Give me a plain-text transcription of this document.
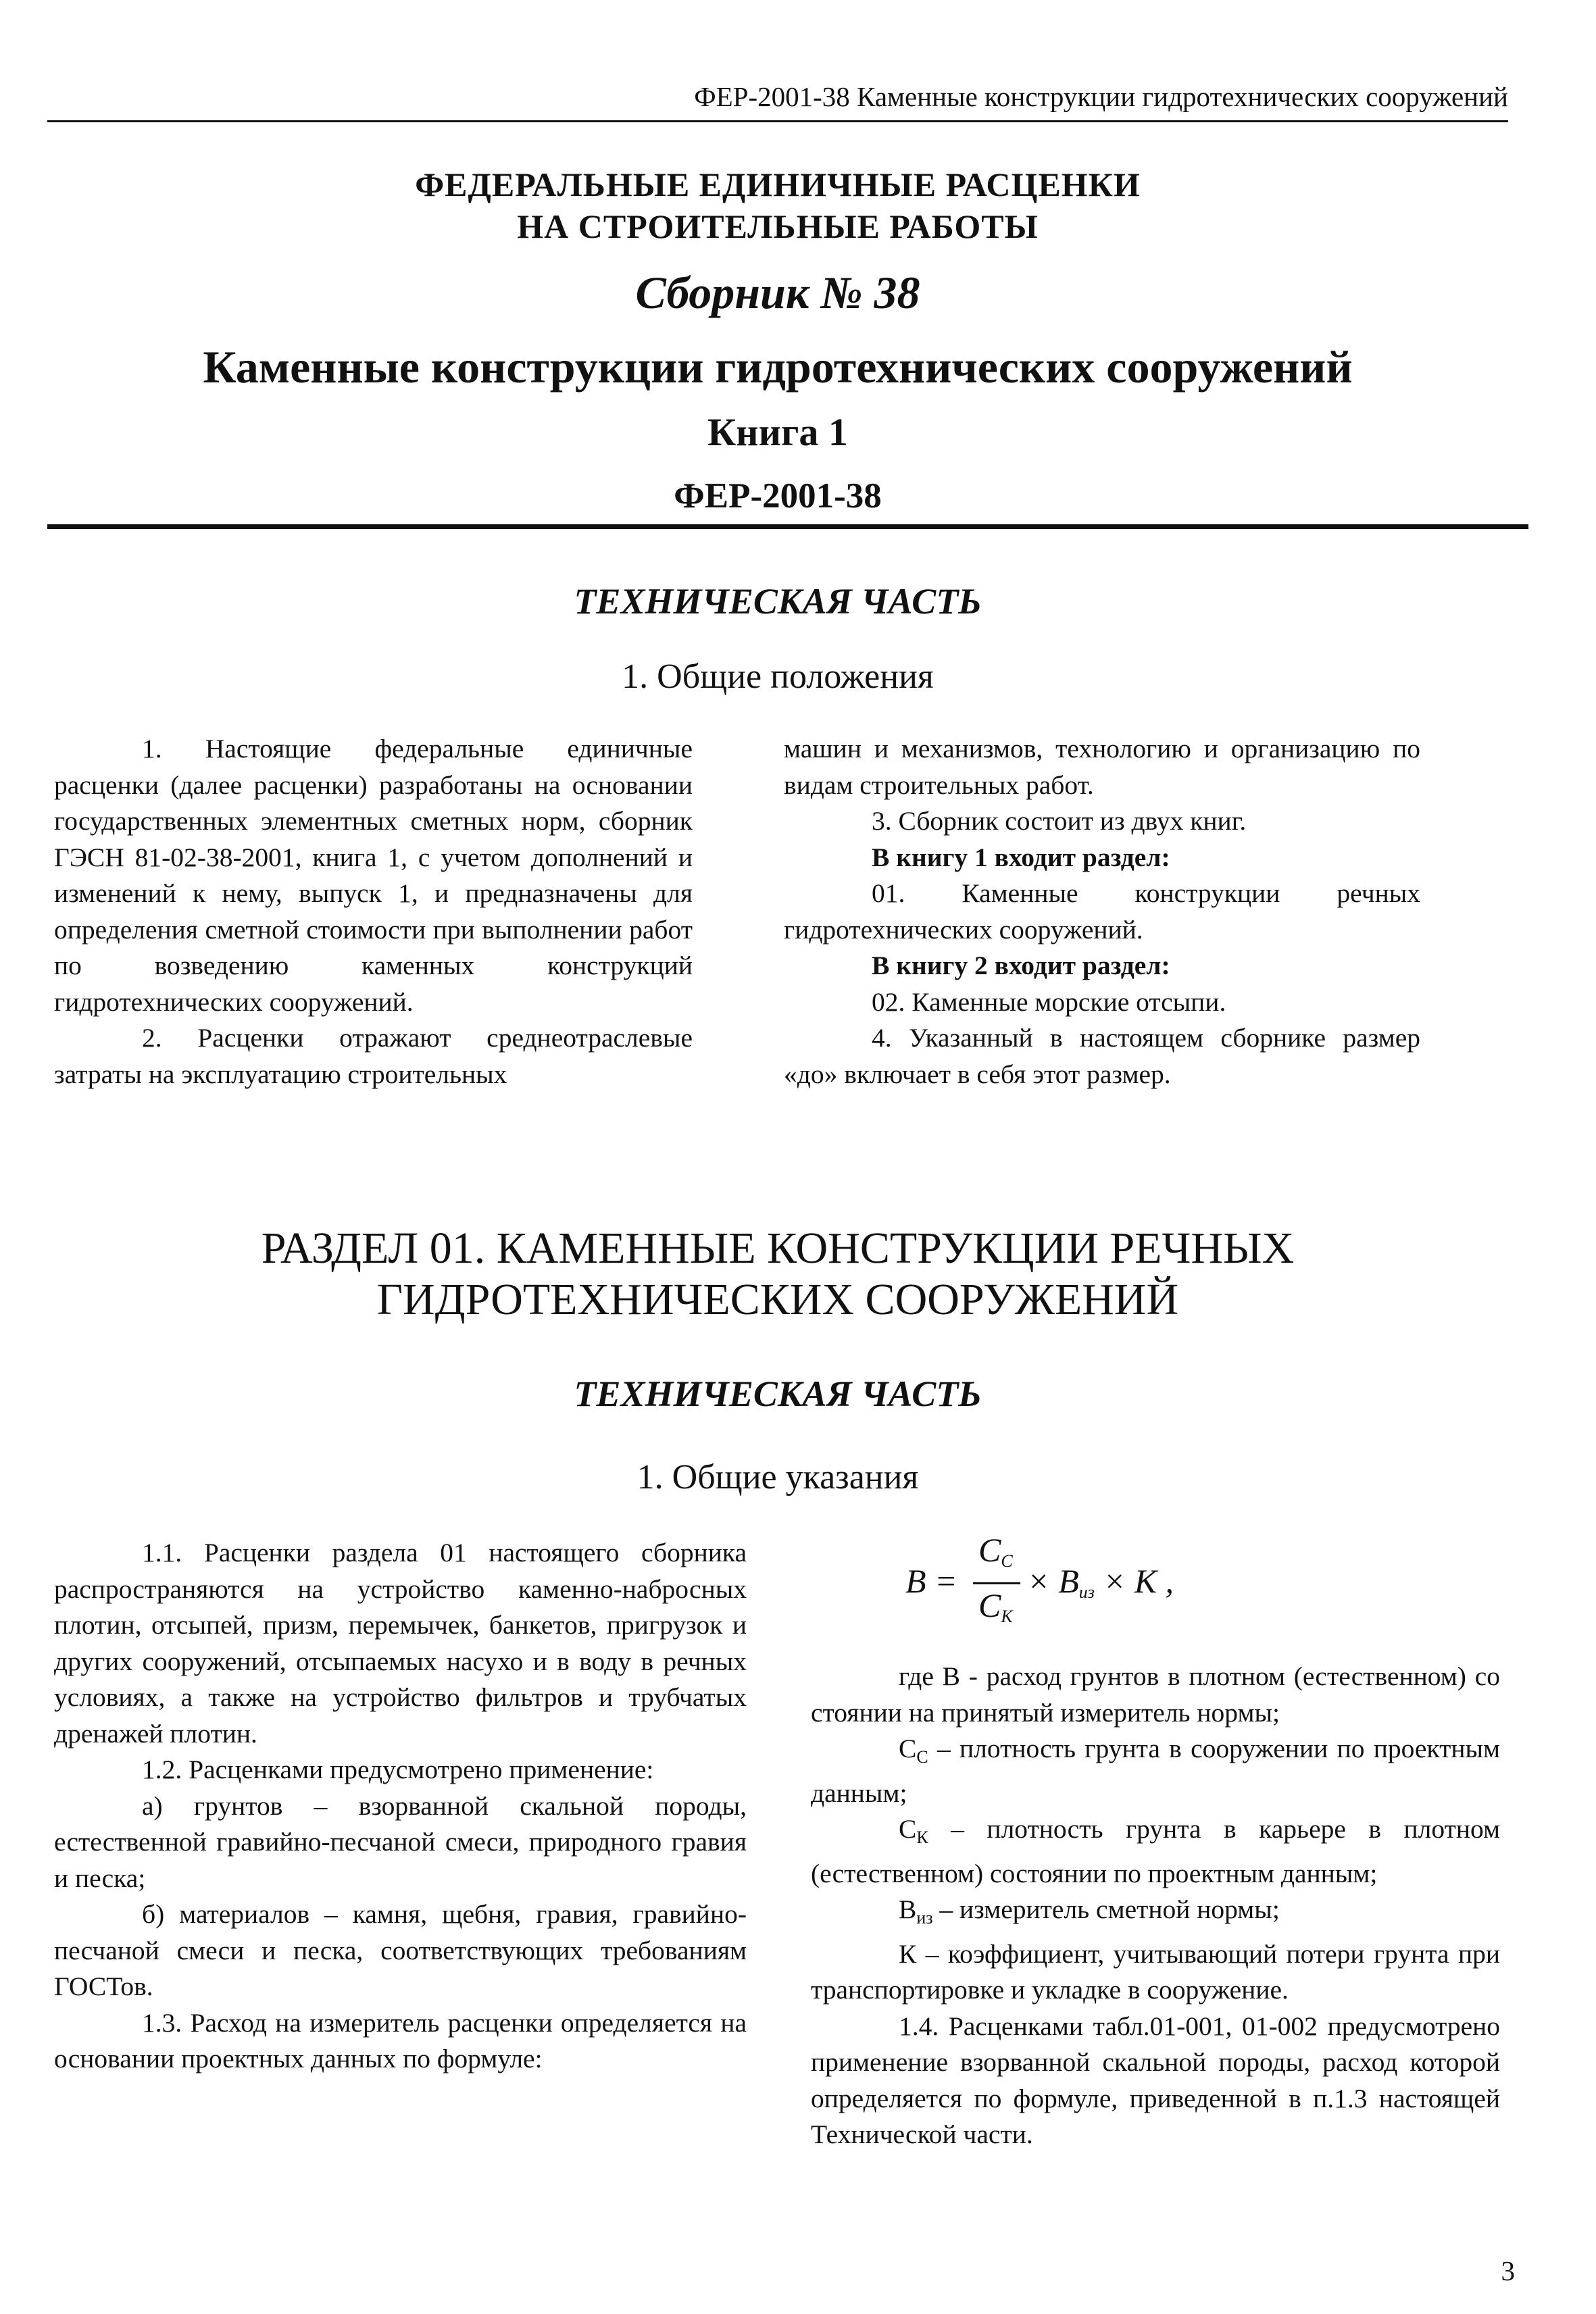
ФЕР-2001-38 Каменные конструкции гидротехнических сооружений
ФЕДЕРАЛЬНЫЕ ЕДИНИЧНЫЕ РАСЦЕНКИ
НА СТРОИТЕЛЬНЫЕ РАБОТЫ
Сборник № 38
Каменные конструкции гидротехнических сооружений
Книга 1
ФЕР-2001-38
ТЕХНИЧЕСКАЯ ЧАСТЬ
1. Общие положения

1. Настоящие федеральные единичные расценки (далее расценки) разработаны на основании государственных элементных сметных норм, сборник ГЭСН 81-02-38-2001, книга 1, с учетом дополнений и изменений к нему, выпуск 1, и предназначены для определения сметной стоимости при выполнении работ по возведению каменных конструкций гидротехнических сооружений.

2. Расценки отражают среднеотраслевые затраты на эксплуатацию строительных

машин и механизмов, технологию и организацию по видам строительных работ.

3. Сборник состоит из двух книг.

В книгу 1 входит раздел:

01. Каменные конструкции речных гидротехнических сооружений.

В книгу 2 входит раздел:

02. Каменные морские отсыпи.

4. Указанный в настоящем сборнике размер «до» включает в себя этот размер.

РАЗДЕЛ 01. КАМЕННЫЕ КОНСТРУКЦИИ РЕЧНЫХ
ГИДРОТЕХНИЧЕСКИХ СООРУЖЕНИЙ
ТЕХНИЧЕСКАЯ ЧАСТЬ
1. Общие указания

1.1. Расценки раздела 01 настоящего сборника распространяются на устройство каменно-набросных плотин, отсыпей, призм, перемычек, банкетов, пригрузок и других сооружений, отсыпаемых насухо и в воду в речных условиях, а также на устройство фильтров и трубчатых дренажей плотин.

1.2. Расценками предусмотрено применение:

а) грунтов – взорванной скальной породы, естественной гравийно-песчаной смеси, природного гравия и песка;

б) материалов – камня, щебня, гравия, гравийно-песчаной смеси и песка, соответствующих требованиям ГОСТов.

1.3. Расход на измеритель расценки определяется на основании проектных данных по формуле:

B =
$C_C$
$C_K$
× $B_{из} \times K$ ,

где В - расход грунтов в плотном (естественном) со стоянии на принятый измеритель нормы;

$С_С$ – плотность грунта в сооружении по проектным данным;

$С_К$ – плотность грунта в карьере в плотном (естественном) состоянии по проектным данным;

$В_{из}$ – измеритель сметной нормы;

К – коэффициент, учитывающий потери грунта при транспортировке и укладке в сооружение.

1.4. Расценками табл.01-001, 01-002 предусмотрено применение взорванной скальной породы, расход которой определяется по формуле, приведенной в п.1.3 настоящей Технической части.

3
